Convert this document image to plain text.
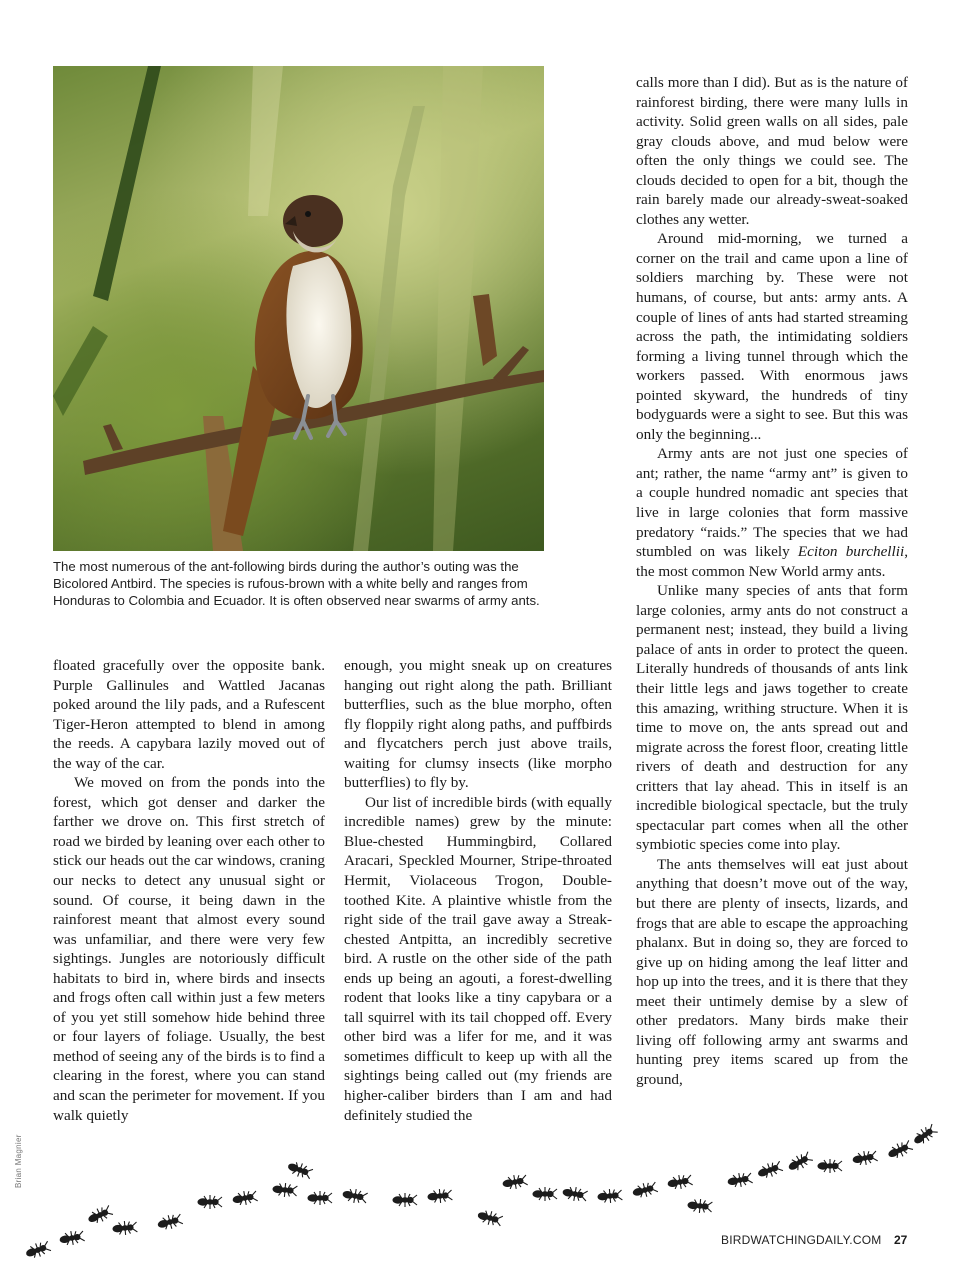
The most numerous of the ant-following birds during the author’s outing was the Bicolored Antbird. The species is rufous-brown with a white belly and ranges from Honduras to Colombia and Ecuador. It is often observed near swarms of army ants.

floated gracefully over the opposite bank. Purple Gallinules and Wattled Jacanas poked around the lily pads, and a Rufescent Tiger-Heron attempted to blend in among the reeds. A capybara lazily moved out of the way of the car.

We moved on from the ponds into the forest, which got denser and darker the farther we drove on. This first stretch of road we birded by leaning over each other to stick our heads out the car windows, craning our necks to detect any unusual sight or sound. Of course, it being dawn in the rainforest meant that almost every sound was unfamiliar, and there were very few sightings. Jungles are notoriously difficult habitats to bird in, where birds and insects and frogs often call within just a few meters of you yet still somehow hide behind three or four layers of foliage. Usually, the best method of seeing any of the birds is to find a clearing in the forest, where you can stand and scan the perimeter for movement. If you walk quietly

enough, you might sneak up on creatures hanging out right along the path. Brilliant butterflies, such as the blue morpho, often fly floppily right along paths, and puffbirds and flycatchers perch just above trails, waiting for clumsy insects (like morpho butterflies) to fly by.

Our list of incredible birds (with equally incredible names) grew by the minute: Blue-chested Hummingbird, Collared Aracari, Speckled Mourner, Stripe-throated Hermit, Violaceous Trogon, Double-toothed Kite. A plaintive whistle from the right side of the trail gave away a Streak-chested Antpitta, an incredibly secretive bird. A rustle on the other side of the path ends up being an agouti, a forest-dwelling rodent that looks like a tiny capybara or a tall squirrel with its tail chopped off. Every other bird was a lifer for me, and it was sometimes difficult to keep up with all the sightings being called out (my friends are higher-caliber birders than I am and had definitely studied the

calls more than I did). But as is the nature of rainforest birding, there were many lulls in activity. Solid green walls on all sides, pale gray clouds above, and mud below were often the only things we could see. The clouds decided to open for a bit, though the rain barely made our already-sweat-soaked clothes any wetter.

Around mid-morning, we turned a corner on the trail and came upon a line of soldiers marching by. These were not humans, of course, but ants: army ants. A couple of lines of ants had started streaming across the path, the intimidating soldiers forming a living tunnel through which the workers passed. With enormous jaws pointed skyward, the hundreds of tiny bodyguards were a sight to see. But this was only the beginning...

Army ants are not just one species of ant; rather, the name “army ant” is given to a couple hundred nomadic ant species that live in large colonies that form massive predatory “raids.” The species that we had stumbled on was likely Eciton burchellii, the most common New World army ants.

Unlike many species of ants that form large colonies, army ants do not construct a permanent nest; instead, they build a living palace of ants in order to protect the queen. Literally hundreds of thousands of ants link their little legs and jaws together to create this amazing, writhing structure. When it is time to move on, the ants spread out and migrate across the forest floor, creating little rivers of death and destruction for any critters that lay ahead. This in itself is an incredible biological spectacle, but the truly spectacular part comes when all the other symbiotic species come into play.

The ants themselves will eat just about anything that doesn’t move out of the way, but there are plenty of insects, lizards, and frogs that are able to escape the approaching phalanx. But in doing so, they are forced to give up on hiding among the leaf litter and hop up into the trees, and it is there that they meet their untimely demise by a slew of other predators. Many birds make their living off following army ant swarms and hunting prey items scared up from the ground,

Brian Magnier
BIRDWATCHINGDAILY.COM 27
